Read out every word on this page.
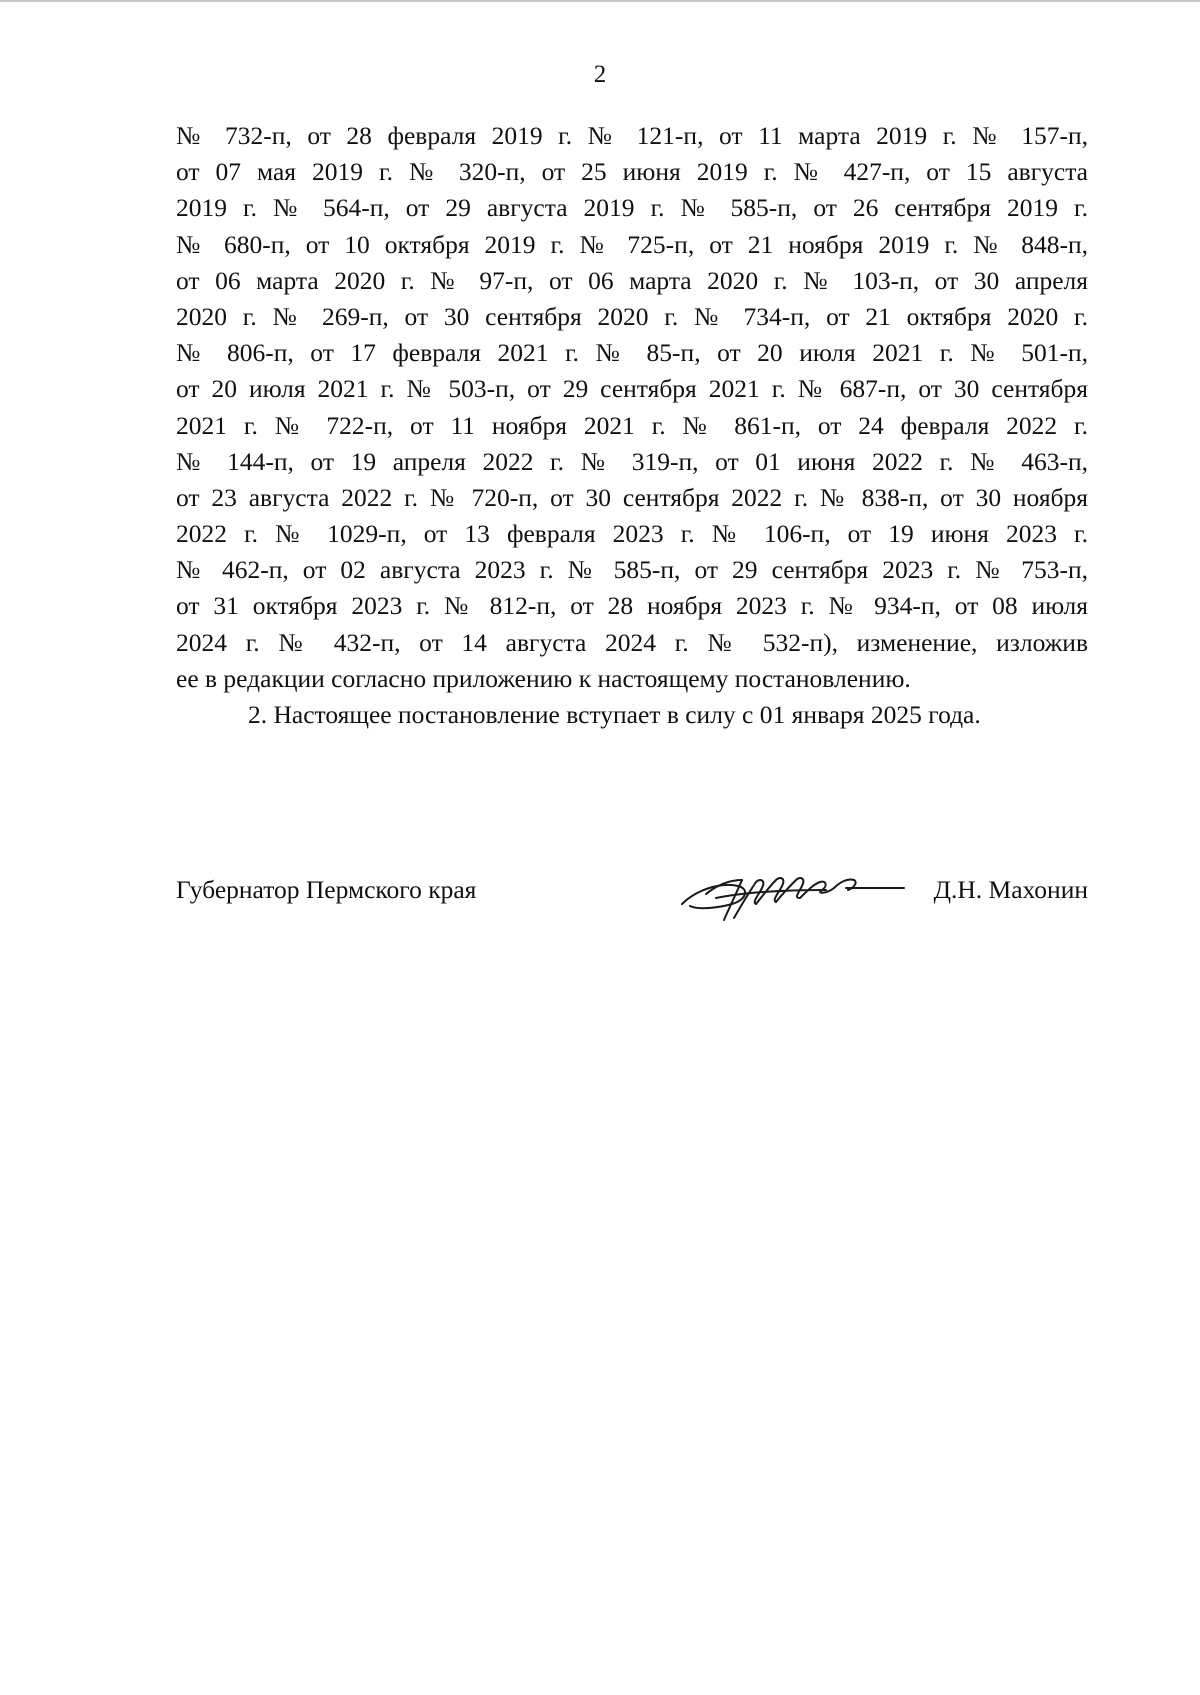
2
№ 732-п, от 28 февраля 2019 г. № 121-п, от 11 марта 2019 г. № 157-п,
от 07 мая 2019 г. № 320-п, от 25 июня 2019 г. № 427-п, от 15 августа
2019 г. № 564-п, от 29 августа 2019 г. № 585-п, от 26 сентября 2019 г.
№ 680-п, от 10 октября 2019 г. № 725-п, от 21 ноября 2019 г. № 848-п,
от 06 марта 2020 г. № 97-п, от 06 марта 2020 г. № 103-п, от 30 апреля
2020 г. № 269-п, от 30 сентября 2020 г. № 734-п, от 21 октября 2020 г.
№ 806-п, от 17 февраля 2021 г. № 85-п, от 20 июля 2021 г. № 501-п,
от 20 июля 2021 г. № 503-п, от 29 сентября 2021 г. № 687-п, от 30 сентября
2021 г. № 722-п, от 11 ноября 2021 г. № 861-п, от 24 февраля 2022 г.
№ 144-п, от 19 апреля 2022 г. № 319-п, от 01 июня 2022 г. № 463-п,
от 23 августа 2022 г. № 720-п, от 30 сентября 2022 г. № 838-п, от 30 ноября
2022 г. № 1029-п, от 13 февраля 2023 г. № 106-п, от 19 июня 2023 г.
№ 462-п, от 02 августа 2023 г. № 585-п, от 29 сентября 2023 г. № 753-п,
от 31 октября 2023 г. № 812-п, от 28 ноября 2023 г. № 934-п, от 08 июля
2024 г. № 432-п, от 14 августа 2024 г. № 532-п), изменение, изложив
ее в редакции согласно приложению к настоящему постановлению.
2. Настоящее постановление вступает в силу с 01 января 2025 года.
Губернатор Пермского края	Д.Н. Махонин
